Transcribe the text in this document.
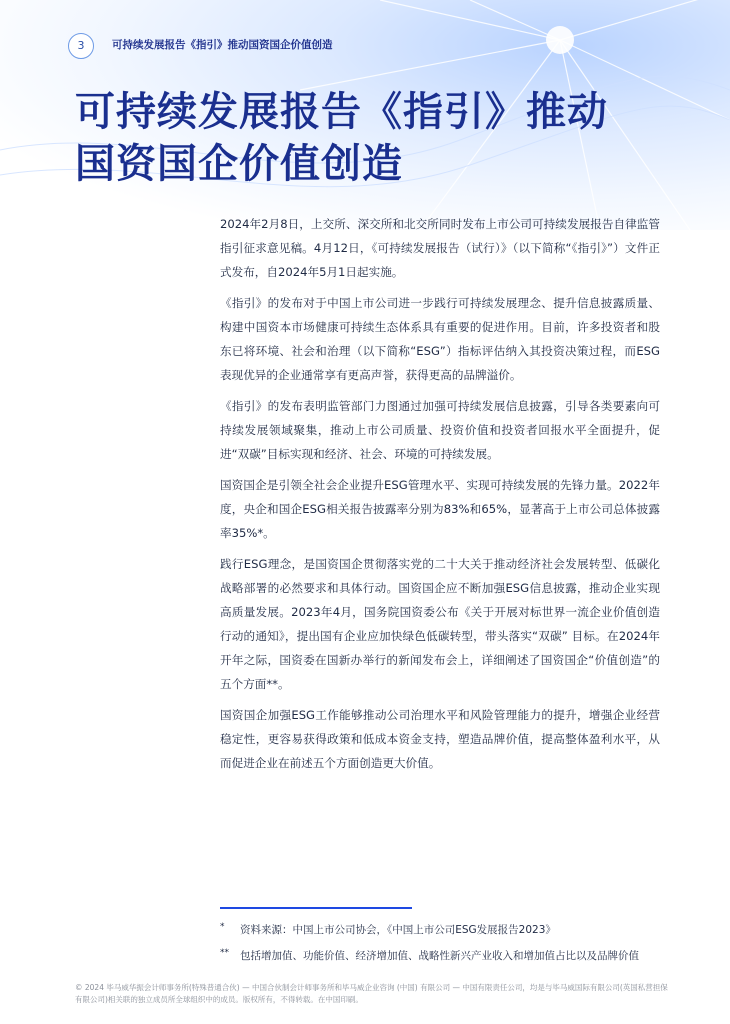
3	可持续发展报告《指引》推动国资国企价值创造
可持续发展报告《指引》推动
国资国企价值创造

2024年2月8日，上交所、深交所和北交所同时发布上市公司可持续发展报告自律监管指引征求意见稿。4月12日，《可持续发展报告（试行）》（以下简称“《指引》”）文件正式发布，自2024年5月1日起实施。

《指引》的发布对于中国上市公司进一步践行可持续发展理念、提升信息披露质量、构建中国资本市场健康可持续生态体系具有重要的促进作用。目前，许多投资者和股东已将环境、社会和治理（以下简称“ESG”）指标评估纳入其投资决策过程，而ESG表现优异的企业通常享有更高声誉，获得更高的品牌溢价。

《指引》的发布表明监管部门力图通过加强可持续发展信息披露，引导各类要素向可持续发展领域聚集，推动上市公司质量、投资价值和投资者回报水平全面提升，促进“双碳”目标实现和经济、社会、环境的可持续发展。

国资国企是引领全社会企业提升ESG管理水平、实现可持续发展的先锋力量。2022年度，央企和国企ESG相关报告披露率分别为83%和65%，显著高于上市公司总体披露率35%*。

践行ESG理念，是国资国企贯彻落实党的二十大关于推动经济社会发展转型、低碳化战略部署的必然要求和具体行动。国资国企应不断加强ESG信息披露，推动企业实现高质量发展。2023年4月，国务院国资委公布《关于开展对标世界一流企业价值创造行动的通知》，提出国有企业应加快绿色低碳转型，带头落实“双碳” 目标。在2024年开年之际，国资委在国新办举行的新闻发布会上，详细阐述了国资国企“价值创造”的五个方面**。

国资国企加强ESG工作能够推动公司治理水平和风险管理能力的提升，增强企业经营稳定性，更容易获得政策和低成本资金支持，塑造品牌价值，提高整体盈利水平，从而促进企业在前述五个方面创造更大价值。

* 资料来源：中国上市公司协会，《中国上市公司ESG发展报告2023》
** 包括增加值、功能价值、经济增加值、战略性新兴产业收入和增加值占比以及品牌价值
© 2024 毕马威华振会计师事务所(特殊普通合伙) — 中国合伙制会计师事务所和毕马威企业咨询 (中国) 有限公司 — 中国有限责任公司，均是与毕马威国际有限公司(英国私营担保有限公司)相关联的独立成员所全球组织中的成员。版权所有，不得转载。在中国印刷。
